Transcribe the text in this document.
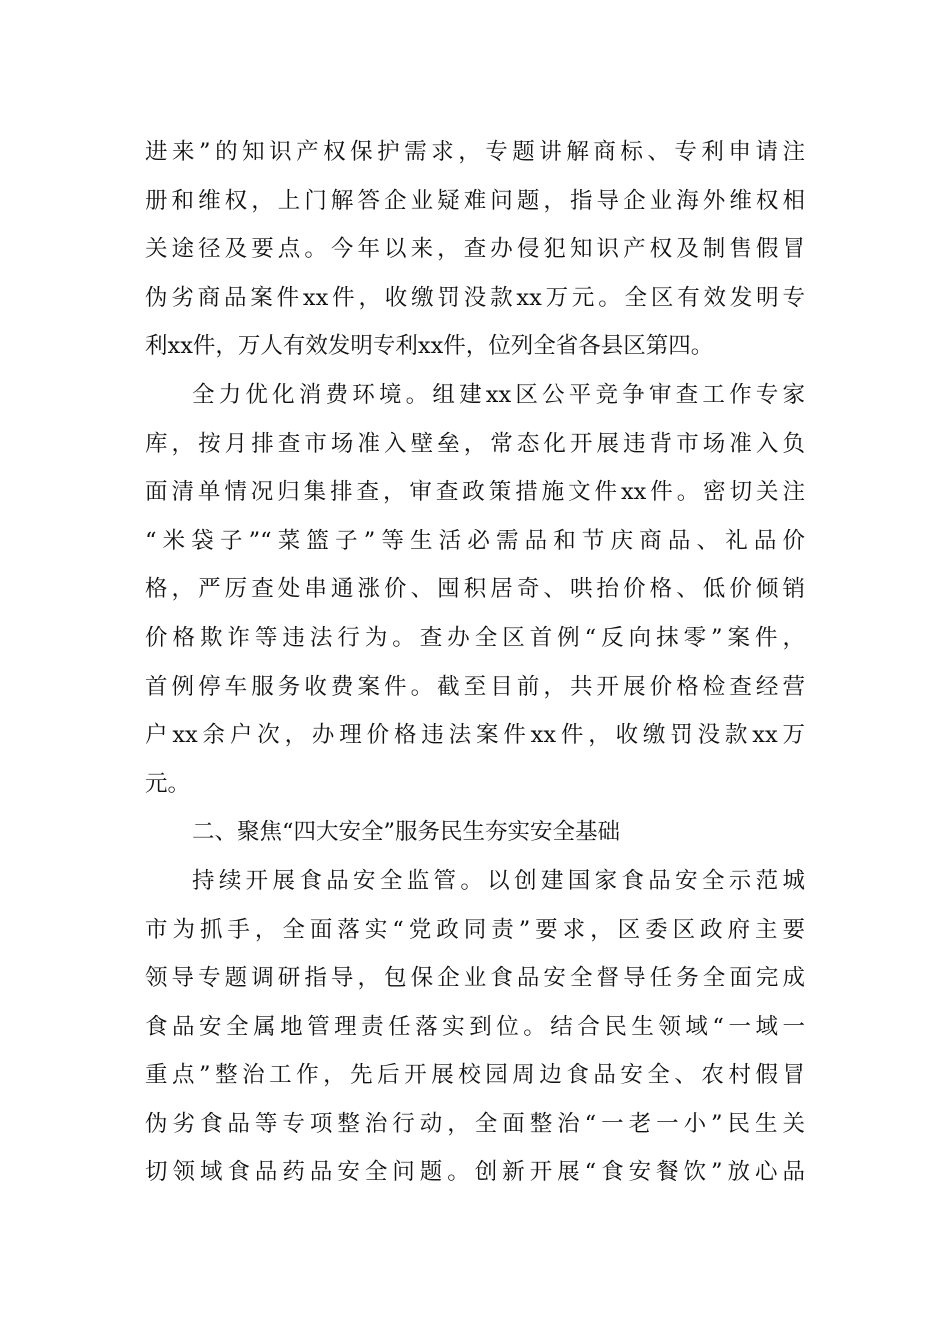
进来”的知识产权保护需求，专题讲解商标、专利申请注
册和维权，上门解答企业疑难问题，指导企业海外维权相
关途径及要点。今年以来，查办侵犯知识产权及制售假冒
伪劣商品案件xx件，收缴罚没款xx万元。全区有效发明专
利xx件，万人有效发明专利xx件，位列全省各县区第四。
全力优化消费环境。组建xx区公平竞争审查工作专家
库，按月排查市场准入壁垒，常态化开展违背市场准入负
面清单情况归集排查，审查政策措施文件xx件。密切关注
“米袋子”“菜篮子”等生活必需品和节庆商品、礼品价
格，严厉查处串通涨价、囤积居奇、哄抬价格、低价倾销
价格欺诈等违法行为。查办全区首例“反向抹零”案件，
首例停车服务收费案件。截至目前，共开展价格检查经营
户xx余户次，办理价格违法案件xx件，收缴罚没款xx万
元。
二、聚焦“四大安全”服务民生夯实安全基础
持续开展食品安全监管。以创建国家食品安全示范城
市为抓手，全面落实“党政同责”要求，区委区政府主要
领导专题调研指导，包保企业食品安全督导任务全面完成
食品安全属地管理责任落实到位。结合民生领域“一域一
重点”整治工作，先后开展校园周边食品安全、农村假冒
伪劣食品等专项整治行动，全面整治“一老一小”民生关
切领域食品药品安全问题。创新开展“食安餐饮”放心品
